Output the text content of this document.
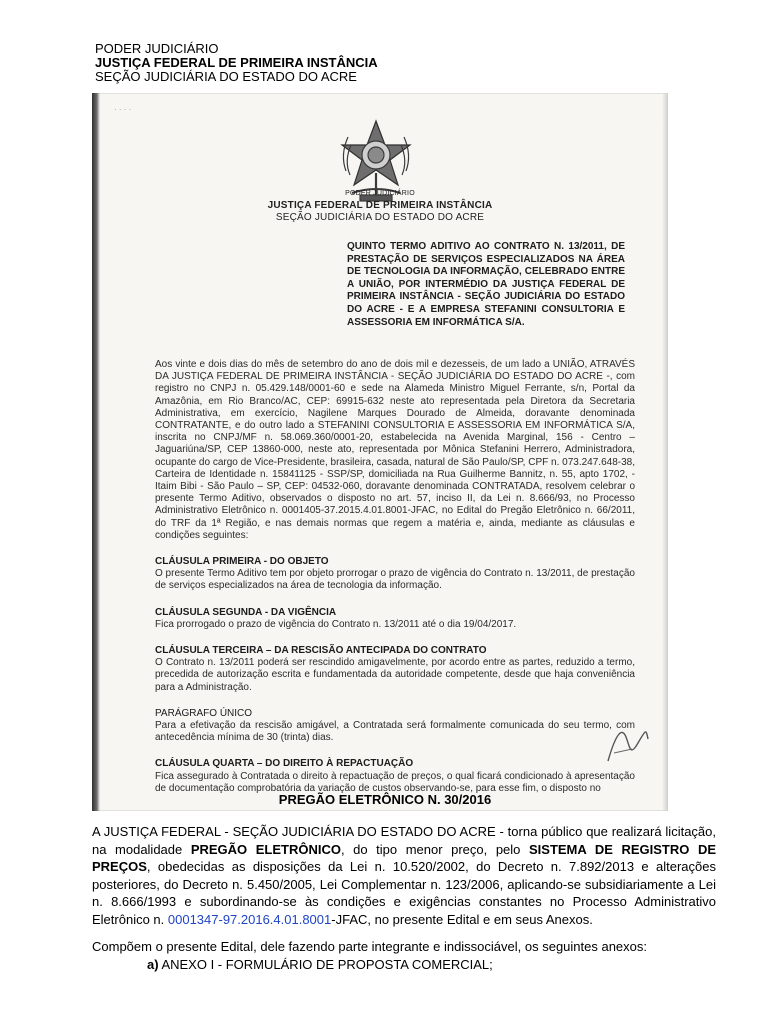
PODER JUDICIÁRIO
JUSTIÇA FEDERAL DE PRIMEIRA INSTÂNCIA
SEÇÃO JUDICIÁRIA DO ESTADO DO ACRE
· · · ·
PODER JUDICIÁRIO
JUSTIÇA FEDERAL DE PRIMEIRA INSTÂNCIA
SEÇÃO JUDICIÁRIA DO ESTADO DO ACRE
QUINTO TERMO ADITIVO AO CONTRATO N. 13/2011, DE PRESTAÇÃO DE SERVIÇOS ESPECIALIZADOS NA ÁREA DE TECNOLOGIA DA INFORMAÇÃO, CELEBRADO ENTRE A UNIÃO, POR INTERMÉDIO DA JUSTIÇA FEDERAL DE PRIMEIRA INSTÂNCIA - SEÇÃO JUDICIÁRIA DO ESTADO DO ACRE - E A EMPRESA STEFANINI CONSULTORIA E ASSESSORIA EM INFORMÁTICA S/A.

Aos vinte e dois dias do mês de setembro do ano de dois mil e dezesseis, de um lado a UNIÃO, ATRAVÉS DA JUSTIÇA FEDERAL DE PRIMEIRA INSTÂNCIA - SEÇÃO JUDICIÁRIA DO ESTADO DO ACRE -, com registro no CNPJ n. 05.429.148/0001-60 e sede na Alameda Ministro Miguel Ferrante, s/n, Portal da Amazônia, em Rio Branco/AC, CEP: 69915-632 neste ato representada pela Diretora da Secretaria Administrativa, em exercício, Nagilene Marques Dourado de Almeida, doravante denominada CONTRATANTE, e do outro lado a STEFANINI CONSULTORIA E ASSESSORIA EM INFORMÁTICA S/A, inscrita no CNPJ/MF n. 58.069.360/0001-20, estabelecida na Avenida Marginal, 156 - Centro – Jaguariúna/SP, CEP 13860-000, neste ato, representada por Mônica Stefanini Herrero, Administradora, ocupante do cargo de Vice-Presidente, brasileira, casada, natural de São Paulo/SP, CPF n. 073.247.648-38, Carteira de Identidade n. 15841125 - SSP/SP, domiciliada na Rua Guilherme Bannitz, n. 55, apto 1702, - Itaim Bibi - São Paulo – SP, CEP: 04532-060, doravante denominada CONTRATADA, resolvem celebrar o presente Termo Aditivo, observados o disposto no art. 57, inciso II, da Lei n. 8.666/93, no Processo Administrativo Eletrônico n. 0001405-37.2015.4.01.8001-JFAC, no Edital do Pregão Eletrônico n. 66/2011, do TRF da 1ª Região, e nas demais normas que regem a matéria e, ainda, mediante as cláusulas e condições seguintes:

CLÁUSULA PRIMEIRA - DO OBJETO

O presente Termo Aditivo tem por objeto prorrogar o prazo de vigência do Contrato n. 13/2011, de prestação de serviços especializados na área de tecnologia da informação.

CLÁUSULA SEGUNDA - DA VIGÊNCIA

Fica prorrogado o prazo de vigência do Contrato n. 13/2011 até o dia 19/04/2017.

CLÁUSULA TERCEIRA – DA RESCISÃO ANTECIPADA DO CONTRATO

O Contrato n. 13/2011 poderá ser rescindido amigavelmente, por acordo entre as partes, reduzido a termo, precedida de autorização escrita e fundamentada da autoridade competente, desde que haja conveniência para a Administração.

PARÁGRAFO ÚNICO

Para a efetivação da rescisão amigável, a Contratada será formalmente comunicada do seu termo, com antecedência mínima de 30 (trinta) dias.

CLÁUSULA QUARTA – DO DIREITO À REPACTUAÇÃO

Fica assegurado à Contratada o direito à repactuação de preços, o qual ficará condicionado à apresentação de documentação comprobatória da variação de custos observando-se, para esse fim, o disposto no

PREGÃO ELETRÔNICO N. 30/2016
A JUSTIÇA FEDERAL - SEÇÃO JUDICIÁRIA DO ESTADO DO ACRE - torna público que realizará licitação, na modalidade PREGÃO ELETRÔNICO, do tipo menor preço, pelo SISTEMA DE REGISTRO DE PREÇOS, obedecidas as disposições da Lei n. 10.520/2002, do Decreto n. 7.892/2013 e alterações posteriores, do Decreto n. 5.450/2005, Lei Complementar n. 123/2006, aplicando-se subsidiariamente a Lei n. 8.666/1993 e subordinando-se às condições e exigências constantes no Processo Administrativo Eletrônico n. 0001347-97.2016.4.01.8001-JFAC, no presente Edital e em seus Anexos.
Compõem o presente Edital, dele fazendo parte integrante e indissociável, os seguintes anexos:
a) ANEXO I - FORMULÁRIO DE PROPOSTA COMERCIAL;
